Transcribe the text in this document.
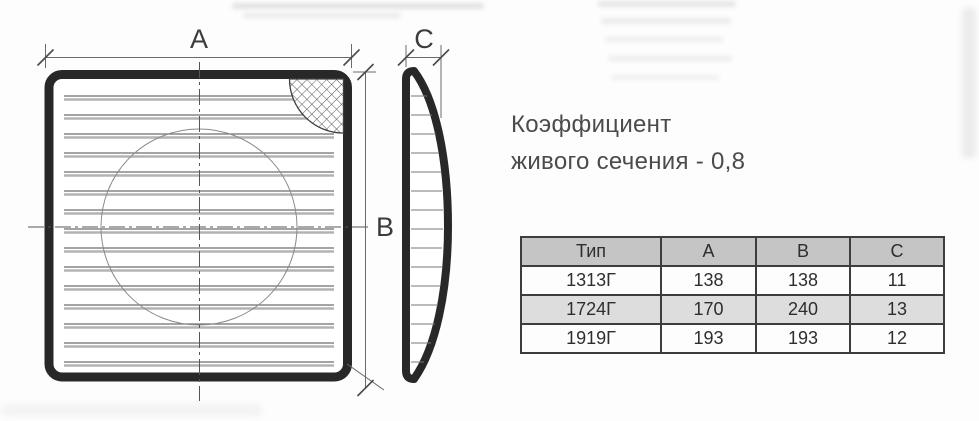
A
B
C
Коэффициент
живого сечения - 0,8
Тип	A	B	C
1313Г	138	138	11
1724Г	170	240	13
1919Г	193	193	12
